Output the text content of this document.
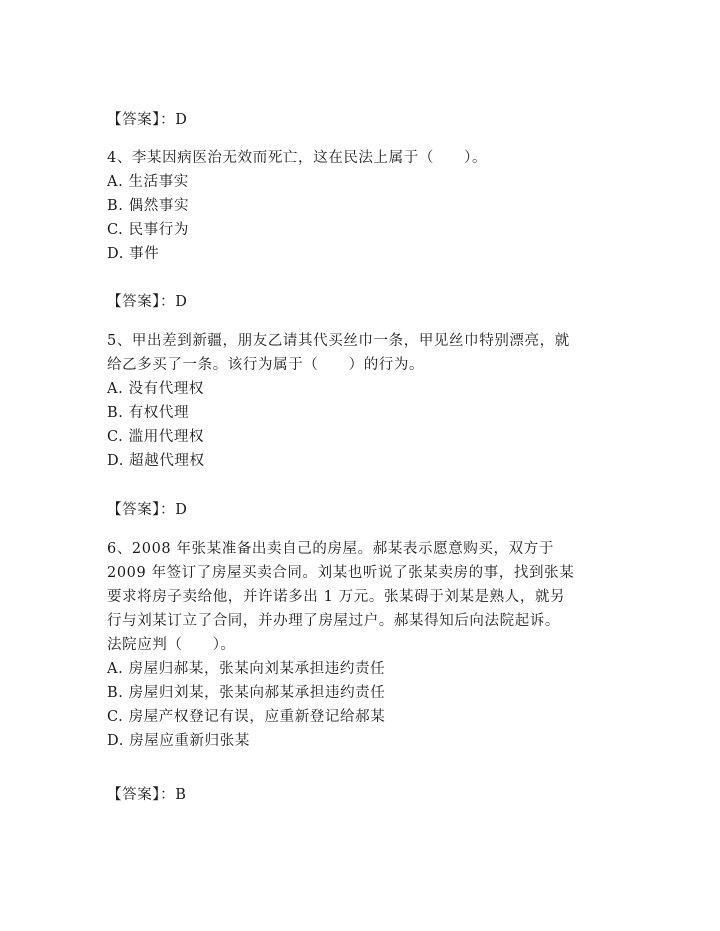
【答案】：D
4、李某因病医治无效而死亡，这在民法上属于（　　）。
A. 生活事实
B. 偶然事实
C. 民事行为
D. 事件
【答案】：D
5、甲出差到新疆，朋友乙请其代买丝巾一条，甲见丝巾特别漂亮，就
给乙多买了一条。该行为属于（　　）的行为。
A. 没有代理权
B. 有权代理
C. 滥用代理权
D. 超越代理权
【答案】：D
6、2008 年张某准备出卖自己的房屋。郝某表示愿意购买，双方于
2009 年签订了房屋买卖合同。刘某也听说了张某卖房的事，找到张某
要求将房子卖给他，并许诺多出 1 万元。张某碍于刘某是熟人，就另
行与刘某订立了合同，并办理了房屋过户。郝某得知后向法院起诉。
法院应判（　　）。
A. 房屋归郝某，张某向刘某承担违约责任
B. 房屋归刘某，张某向郝某承担违约责任
C. 房屋产权登记有误，应重新登记给郝某
D. 房屋应重新归张某
【答案】：B
